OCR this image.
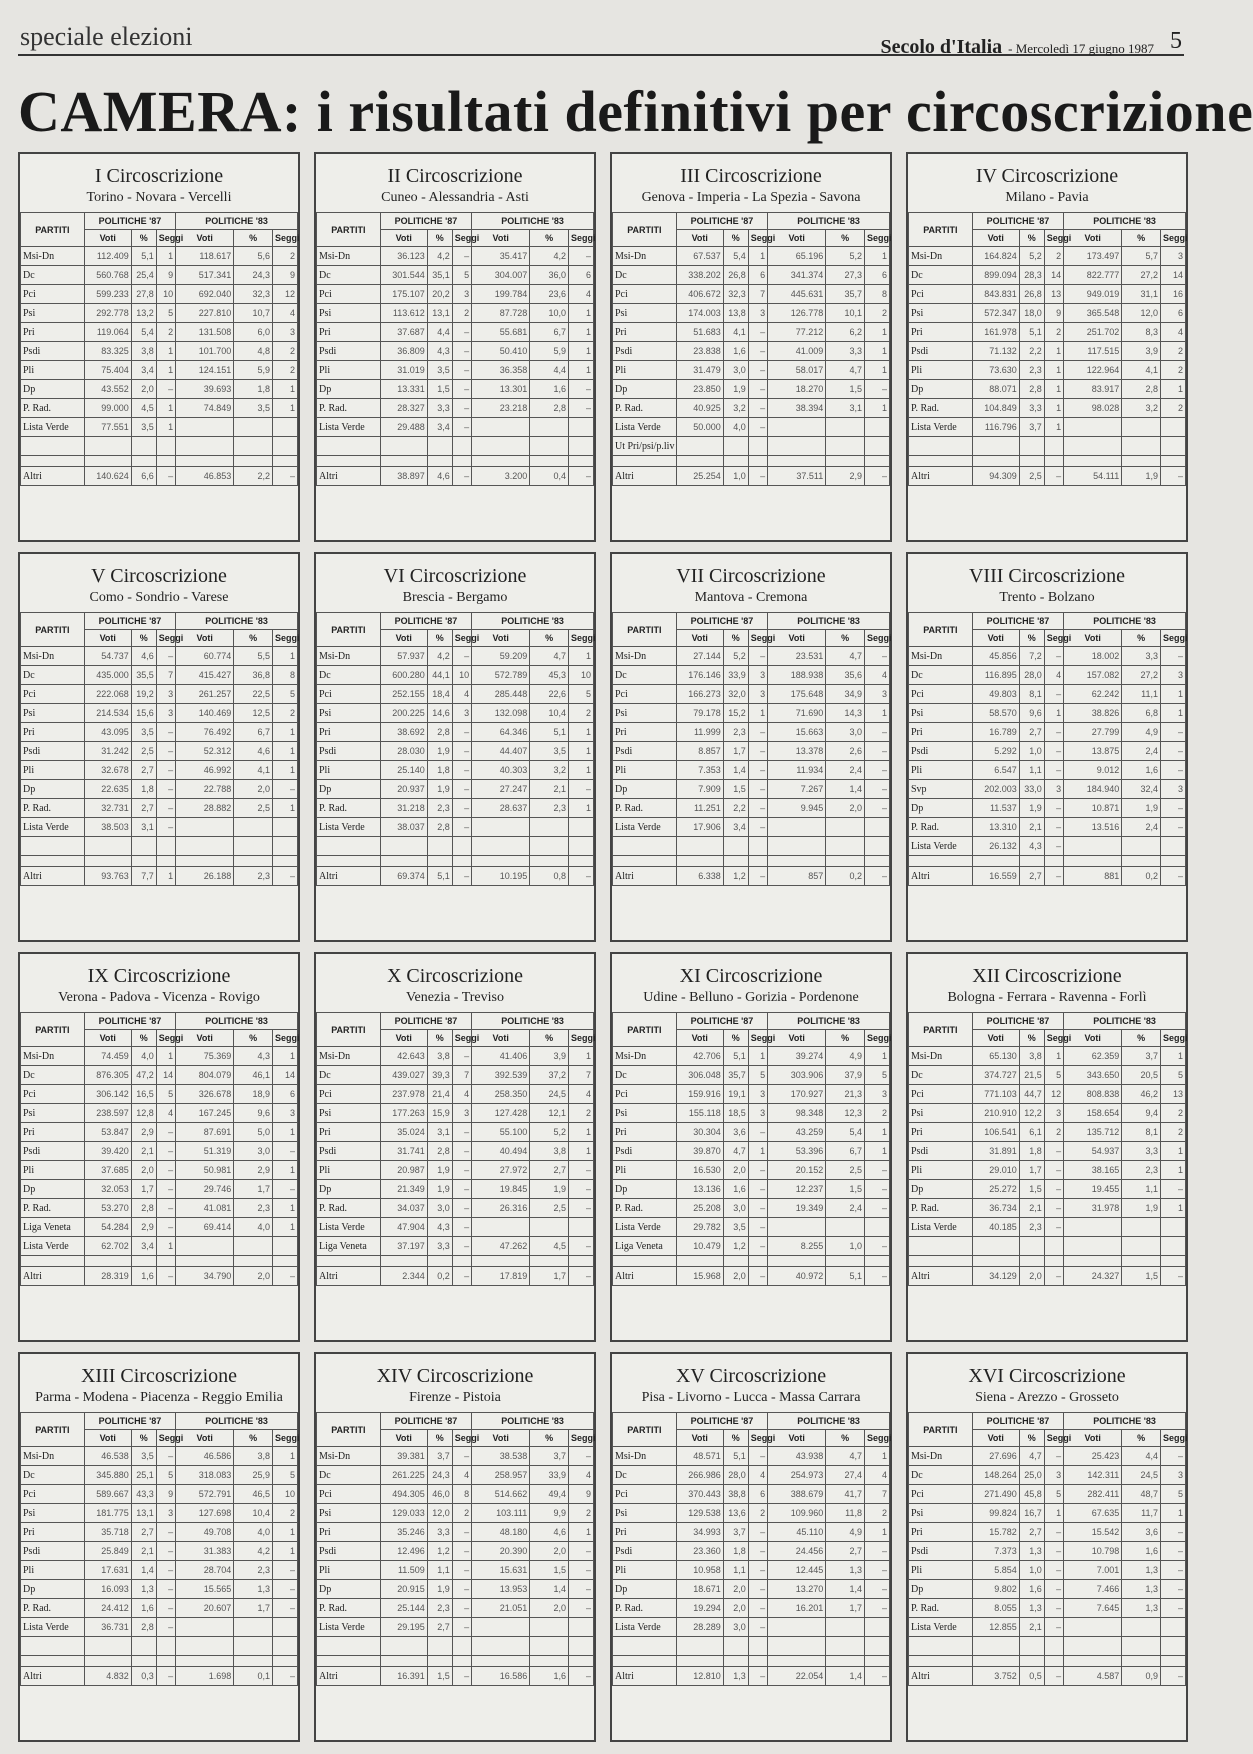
speciale elezioni	Secolo d'Italia - Mercoledì 17 giugno 1987 5
CAMERA: i risultati definitivi per circoscrizione
I Circoscrizione
Torino - Novara - Vercelli
PARTITI	POLITICHE '87			POLITICHE '83		
	Voti	%	Seggi	Voti	%	Seggi
Msi-Dn	112.409	5,1	1	118.617	5,6	2
Dc	560.768	25,4	9	517.341	24,3	9
Pci	599.233	27,8	10	692.040	32,3	12
Psi	292.778	13,2	5	227.810	10,7	4
Pri	119.064	5,4	2	131.508	6,0	3
Psdi	83.325	3,8	1	101.700	4,8	2
Pli	75.404	3,4	1	124.151	5,9	2
Dp	43.552	2,0	–	39.693	1,8	1
P. Rad.	99.000	4,5	1	74.849	3,5	1
Lista Verde	77.551	3,5	1			

Altri	140.624	6,6	–	46.853	2,2	–
II Circoscrizione
Cuneo - Alessandria - Asti
PARTITI	POLITICHE '87			POLITICHE '83		
	Voti	%	Seggi	Voti	%	Seggi
Msi-Dn	36.123	4,2	–	35.417	4,2	–
Dc	301.544	35,1	5	304.007	36,0	6
Pci	175.107	20,2	3	199.784	23,6	4
Psi	113.612	13,1	2	87.728	10,0	1
Pri	37.687	4,4	–	55.681	6,7	1
Psdi	36.809	4,3	–	50.410	5,9	1
Pli	31.019	3,5	–	36.358	4,4	1
Dp	13.331	1,5	–	13.301	1,6	–
P. Rad.	28.327	3,3	–	23.218	2,8	–
Lista Verde	29.488	3,4	–			

Altri	38.897	4,6	–	3.200	0,4	–
III Circoscrizione
Genova - Imperia - La Spezia - Savona
PARTITI	POLITICHE '87			POLITICHE '83		
	Voti	%	Seggi	Voti	%	Seggi
Msi-Dn	67.537	5,4	1	65.196	5,2	1
Dc	338.202	26,8	6	341.374	27,3	6
Pci	406.672	32,3	7	445.631	35,7	8
Psi	174.003	13,8	3	126.778	10,1	2
Pri	51.683	4,1	–	77.212	6,2	1
Psdi	23.838	1,6	–	41.009	3,3	1
Pli	31.479	3,0	–	58.017	4,7	1
Dp	23.850	1,9	–	18.270	1,5	–
P. Rad.	40.925	3,2	–	38.394	3,1	1
Lista Verde	50.000	4,0	–			
Ut Pri/psi/p.liv						

Altri	25.254	1,0	–	37.511	2,9	–
IV Circoscrizione
Milano - Pavia
PARTITI	POLITICHE '87			POLITICHE '83		
	Voti	%	Seggi	Voti	%	Seggi
Msi-Dn	164.824	5,2	2	173.497	5,7	3
Dc	899.094	28,3	14	822.777	27,2	14
Pci	843.831	26,8	13	949.019	31,1	16
Psi	572.347	18,0	9	365.548	12,0	6
Pri	161.978	5,1	2	251.702	8,3	4
Psdi	71.132	2,2	1	117.515	3,9	2
Pli	73.630	2,3	1	122.964	4,1	2
Dp	88.071	2,8	1	83.917	2,8	1
P. Rad.	104.849	3,3	1	98.028	3,2	2
Lista Verde	116.796	3,7	1			

Altri	94.309	2,5	–	54.111	1,9	–
V Circoscrizione
Como - Sondrio - Varese
PARTITI	POLITICHE '87			POLITICHE '83		
	Voti	%	Seggi	Voti	%	Seggi
Msi-Dn	54.737	4,6	–	60.774	5,5	1
Dc	435.000	35,5	7	415.427	36,8	8
Pci	222.068	19,2	3	261.257	22,5	5
Psi	214.534	15,6	3	140.469	12,5	2
Pri	43.095	3,5	–	76.492	6,7	1
Psdi	31.242	2,5	–	52.312	4,6	1
Pli	32.678	2,7	–	46.992	4,1	1
Dp	22.635	1,8	–	22.788	2,0	–
P. Rad.	32.731	2,7	–	28.882	2,5	1
Lista Verde	38.503	3,1	–			

Altri	93.763	7,7	1	26.188	2,3	–
VI Circoscrizione
Brescia - Bergamo
PARTITI	POLITICHE '87			POLITICHE '83		
	Voti	%	Seggi	Voti	%	Seggi
Msi-Dn	57.937	4,2	–	59.209	4,7	1
Dc	600.280	44,1	10	572.789	45,3	10
Pci	252.155	18,4	4	285.448	22,6	5
Psi	200.225	14,6	3	132.098	10,4	2
Pri	38.692	2,8	–	64.346	5,1	1
Psdi	28.030	1,9	–	44.407	3,5	1
Pli	25.140	1,8	–	40.303	3,2	1
Dp	20.937	1,9	–	27.247	2,1	–
P. Rad.	31.218	2,3	–	28.637	2,3	1
Lista Verde	38.037	2,8	–			

Altri	69.374	5,1	–	10.195	0,8	–
VII Circoscrizione
Mantova - Cremona
PARTITI	POLITICHE '87			POLITICHE '83		
	Voti	%	Seggi	Voti	%	Seggi
Msi-Dn	27.144	5,2	–	23.531	4,7	–
Dc	176.146	33,9	3	188.938	35,6	4
Pci	166.273	32,0	3	175.648	34,9	3
Psi	79.178	15,2	1	71.690	14,3	1
Pri	11.999	2,3	–	15.663	3,0	–
Psdi	8.857	1,7	–	13.378	2,6	–
Pli	7.353	1,4	–	11.934	2,4	–
Dp	7.909	1,5	–	7.267	1,4	–
P. Rad.	11.251	2,2	–	9.945	2,0	–
Lista Verde	17.906	3,4	–			

Altri	6.338	1,2	–	857	0,2	–
VIII Circoscrizione
Trento - Bolzano
PARTITI	POLITICHE '87			POLITICHE '83		
	Voti	%	Seggi	Voti	%	Seggi
Msi-Dn	45.856	7,2	–	18.002	3,3	–
Dc	116.895	28,0	4	157.082	27,2	3
Pci	49.803	8,1	–	62.242	11,1	1
Psi	58.570	9,6	1	38.826	6,8	1
Pri	16.789	2,7	–	27.799	4,9	–
Psdi	5.292	1,0	–	13.875	2,4	–
Pli	6.547	1,1	–	9.012	1,6	–
Svp	202.003	33,0	3	184.940	32,4	3
Dp	11.537	1,9	–	10.871	1,9	–
P. Rad.	13.310	2,1	–	13.516	2,4	–
Lista Verde	26.132	4,3	–			

Altri	16.559	2,7	–	881	0,2	–
IX Circoscrizione
Verona - Padova - Vicenza - Rovigo
PARTITI	POLITICHE '87			POLITICHE '83		
	Voti	%	Seggi	Voti	%	Seggi
Msi-Dn	74.459	4,0	1	75.369	4,3	1
Dc	876.305	47,2	14	804.079	46,1	14
Pci	306.142	16,5	5	326.678	18,9	6
Psi	238.597	12,8	4	167.245	9,6	3
Pri	53.847	2,9	–	87.691	5,0	1
Psdi	39.420	2,1	–	51.319	3,0	–
Pli	37.685	2,0	–	50.981	2,9	1
Dp	32.053	1,7	–	29.746	1,7	–
P. Rad.	53.270	2,8	–	41.081	2,3	1
Liga Veneta	54.284	2,9	–	69.414	4,0	1
Lista Verde	62.702	3,4	1			

Altri	28.319	1,6	–	34.790	2,0	–
X Circoscrizione
Venezia - Treviso
PARTITI	POLITICHE '87			POLITICHE '83		
	Voti	%	Seggi	Voti	%	Seggi
Msi-Dn	42.643	3,8	–	41.406	3,9	1
Dc	439.027	39,3	7	392.539	37,2	7
Pci	237.978	21,4	4	258.350	24,5	4
Psi	177.263	15,9	3	127.428	12,1	2
Pri	35.024	3,1	–	55.100	5,2	1
Psdi	31.741	2,8	–	40.494	3,8	1
Pli	20.987	1,9	–	27.972	2,7	–
Dp	21.349	1,9	–	19.845	1,9	–
P. Rad.	34.037	3,0	–	26.316	2,5	–
Lista Verde	47.904	4,3	–			
Liga Veneta	37.197	3,3	–	47.262	4,5	–

Altri	2.344	0,2	–	17.819	1,7	–
XI Circoscrizione
Udine - Belluno - Gorizia - Pordenone
PARTITI	POLITICHE '87			POLITICHE '83		
	Voti	%	Seggi	Voti	%	Seggi
Msi-Dn	42.706	5,1	1	39.274	4,9	1
Dc	306.048	35,7	5	303.906	37,9	5
Pci	159.916	19,1	3	170.927	21,3	3
Psi	155.118	18,5	3	98.348	12,3	2
Pri	30.304	3,6	–	43.259	5,4	1
Psdi	39.870	4,7	1	53.396	6,7	1
Pli	16.530	2,0	–	20.152	2,5	–
Dp	13.136	1,6	–	12.237	1,5	–
P. Rad.	25.208	3,0	–	19.349	2,4	–
Lista Verde	29.782	3,5	–			
Liga Veneta	10.479	1,2	–	8.255	1,0	–

Altri	15.968	2,0	–	40.972	5,1	–
XII Circoscrizione
Bologna - Ferrara - Ravenna - Forlì
PARTITI	POLITICHE '87			POLITICHE '83		
	Voti	%	Seggi	Voti	%	Seggi
Msi-Dn	65.130	3,8	1	62.359	3,7	1
Dc	374.727	21,5	5	343.650	20,5	5
Pci	771.103	44,7	12	808.838	46,2	13
Psi	210.910	12,2	3	158.654	9,4	2
Pri	106.541	6,1	2	135.712	8,1	2
Psdi	31.891	1,8	–	54.937	3,3	1
Pli	29.010	1,7	–	38.165	2,3	1
Dp	25.272	1,5	–	19.455	1,1	–
P. Rad.	36.734	2,1	–	31.978	1,9	1
Lista Verde	40.185	2,3	–			

Altri	34.129	2,0	–	24.327	1,5	–
XIII Circoscrizione
Parma - Modena - Piacenza - Reggio Emilia
PARTITI	POLITICHE '87			POLITICHE '83		
	Voti	%	Seggi	Voti	%	Seggi
Msi-Dn	46.538	3,5	–	46.586	3,8	1
Dc	345.880	25,1	5	318.083	25,9	5
Pci	589.667	43,3	9	572.791	46,5	10
Psi	181.775	13,1	3	127.698	10,4	2
Pri	35.718	2,7	–	49.708	4,0	1
Psdi	25.849	2,1	–	31.383	4,2	1
Pli	17.631	1,4	–	28.704	2,3	–
Dp	16.093	1,3	–	15.565	1,3	–
P. Rad.	24.412	1,6	–	20.607	1,7	–
Lista Verde	36.731	2,8	–			

Altri	4.832	0,3	–	1.698	0,1	–
XIV Circoscrizione
Firenze - Pistoia
PARTITI	POLITICHE '87			POLITICHE '83		
	Voti	%	Seggi	Voti	%	Seggi
Msi-Dn	39.381	3,7	–	38.538	3,7	–
Dc	261.225	24,3	4	258.957	33,9	4
Pci	494.305	46,0	8	514.662	49,4	9
Psi	129.033	12,0	2	103.111	9,9	2
Pri	35.246	3,3	–	48.180	4,6	1
Psdi	12.496	1,2	–	20.390	2,0	–
Pli	11.509	1,1	–	15.631	1,5	–
Dp	20.915	1,9	–	13.953	1,4	–
P. Rad.	25.144	2,3	–	21.051	2,0	–
Lista Verde	29.195	2,7	–			

Altri	16.391	1,5	–	16.586	1,6	–
XV Circoscrizione
Pisa - Livorno - Lucca - Massa Carrara
PARTITI	POLITICHE '87			POLITICHE '83		
	Voti	%	Seggi	Voti	%	Seggi
Msi-Dn	48.571	5,1	–	43.938	4,7	1
Dc	266.986	28,0	4	254.973	27,4	4
Pci	370.443	38,8	6	388.679	41,7	7
Psi	129.538	13,6	2	109.960	11,8	2
Pri	34.993	3,7	–	45.110	4,9	1
Psdi	23.360	1,8	–	24.456	2,7	–
Pli	10.958	1,1	–	12.445	1,3	–
Dp	18.671	2,0	–	13.270	1,4	–
P. Rad.	19.294	2,0	–	16.201	1,7	–
Lista Verde	28.289	3,0	–			

Altri	12.810	1,3	–	22.054	1,4	–
XVI Circoscrizione
Siena - Arezzo - Grosseto
PARTITI	POLITICHE '87			POLITICHE '83		
	Voti	%	Seggi	Voti	%	Seggi
Msi-Dn	27.696	4,7	–	25.423	4,4	–
Dc	148.264	25,0	3	142.311	24,5	3
Pci	271.490	45,8	5	282.411	48,7	5
Psi	99.824	16,7	1	67.635	11,7	1
Pri	15.782	2,7	–	15.542	3,6	–
Psdi	7.373	1,3	–	10.798	1,6	–
Pli	5.854	1,0	–	7.001	1,3	–
Dp	9.802	1,6	–	7.466	1,3	–
P. Rad.	8.055	1,3	–	7.645	1,3	–
Lista Verde	12.855	2,1	–			

Altri	3.752	0,5	–	4.587	0,9	–
